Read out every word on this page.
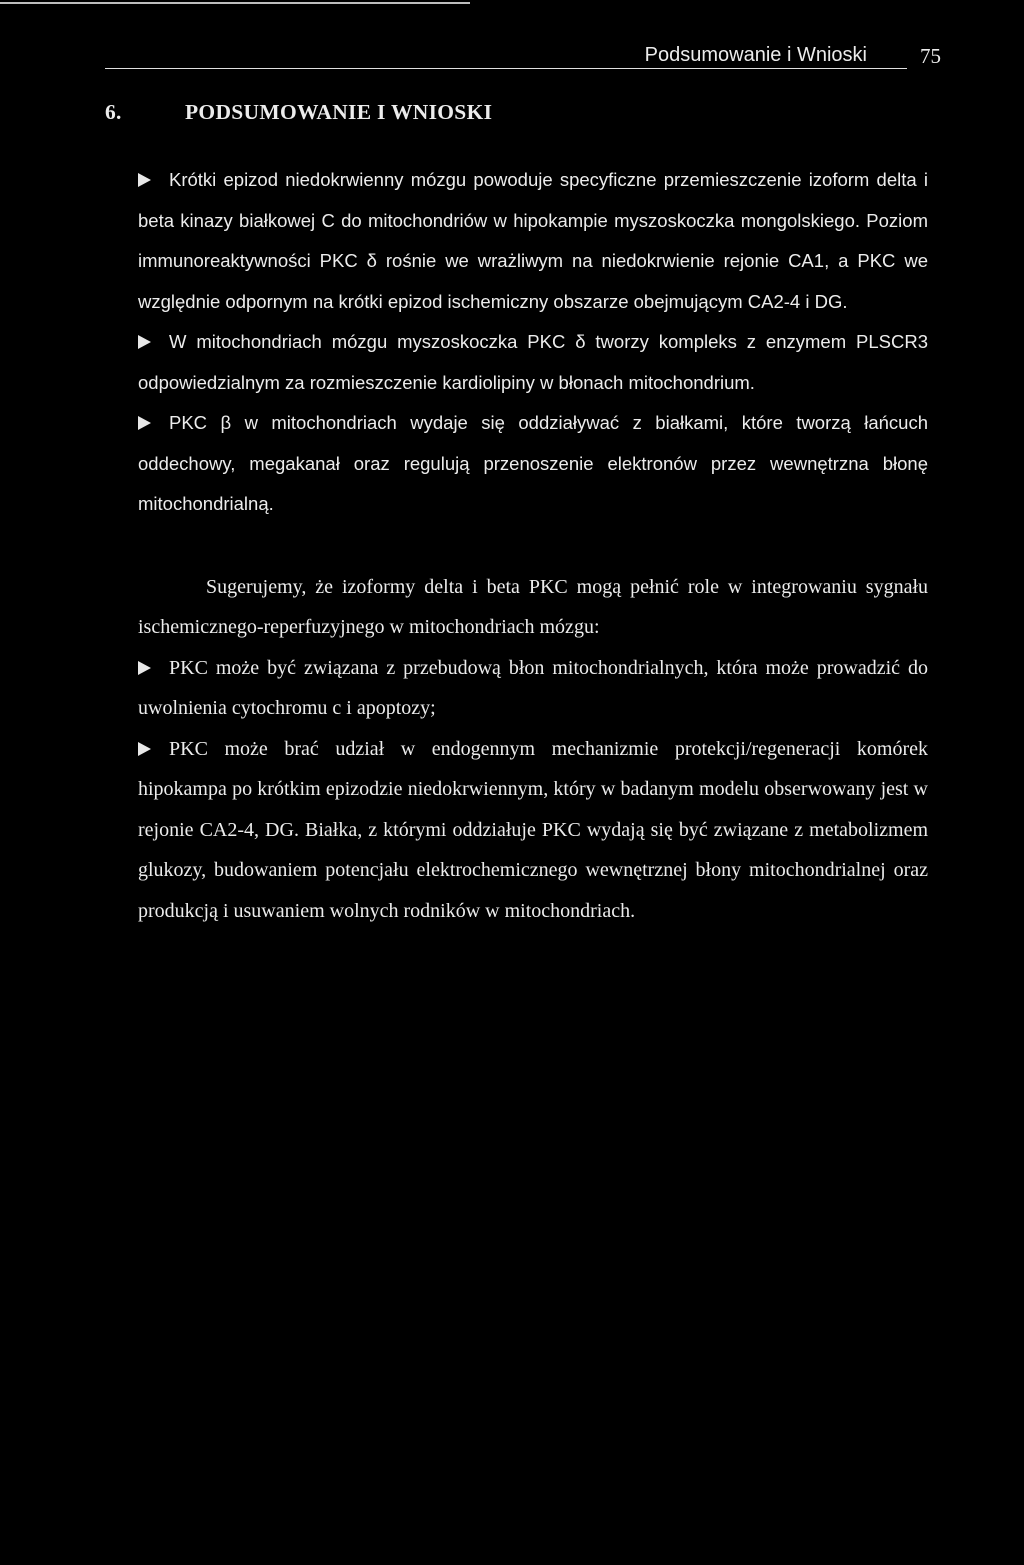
Podsumowanie i Wnioski	75
6.	PODSUMOWANIE I WNIOSKI

Krótki epizod niedokrwienny mózgu powoduje specyficzne przemieszczenie izoform delta i beta kinazy białkowej C do mitochondriów w hipokampie myszoskoczka mongolskiego. Poziom immunoreaktywności PKC δ rośnie we wrażliwym na niedokrwienie rejonie CA1, a PKC we względnie odpornym na krótki epizod ischemiczny obszarze obejmującym CA2-4 i DG.

W mitochondriach mózgu myszoskoczka PKC δ tworzy kompleks z enzymem PLSCR3 odpowiedzialnym za rozmieszczenie kardiolipiny w błonach mitochondrium.

PKC β w mitochondriach wydaje się oddziaływać z białkami, które tworzą łańcuch oddechowy, megakanał oraz regulują przenoszenie elektronów przez wewnętrzna błonę mitochondrialną.

Sugerujemy, że izoformy delta i beta PKC mogą pełnić role w integrowaniu sygnału ischemicznego-reperfuzyjnego w mitochondriach mózgu:

PKC może być związana z przebudową błon mitochondrialnych, która może prowadzić do uwolnienia cytochromu c i apoptozy;

PKC może brać udział w endogennym mechanizmie protekcji/regeneracji komórek hipokampa po krótkim epizodzie niedokrwiennym, który w badanym modelu obserwowany jest w rejonie CA2-4, DG. Białka, z którymi oddziałuje PKC wydają się być związane z metabolizmem glukozy, budowaniem potencjału elektrochemicznego wewnętrznej błony mitochondrialnej oraz produkcją i usuwaniem wolnych rodników w mitochondriach.
